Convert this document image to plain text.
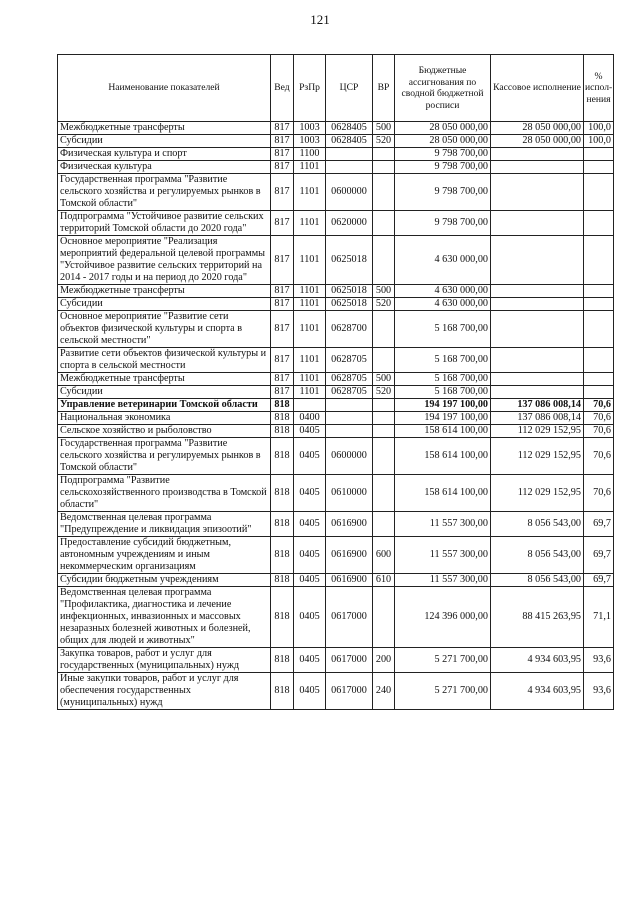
121
Наименование показателей	Вед	РзПр	ЦСР	ВР	Бюджетные ассигнования по сводной бюджетной росписи	Кассовое исполнение	% испол-нения
Межбюджетные трансферты	817	1003	0628405	500	28 050 000,00	28 050 000,00	100,0
Субсидии	817	1003	0628405	520	28 050 000,00	28 050 000,00	100,0
Физическая культура и спорт	817	1100			9 798 700,00		
Физическая культура	817	1101			9 798 700,00		
Государственная программа "Развитие сельского хозяйства и регулируемых рынков в Томской области"	817	1101	0600000		9 798 700,00		
Подпрограмма "Устойчивое развитие сельских территорий Томской области до 2020 года"	817	1101	0620000		9 798 700,00		
Основное мероприятие "Реализация мероприятий федеральной целевой программы "Устойчивое развитие сельских территорий на 2014 - 2017 годы и на период до 2020 года"	817	1101	0625018		4 630 000,00		
Межбюджетные трансферты	817	1101	0625018	500	4 630 000,00		
Субсидии	817	1101	0625018	520	4 630 000,00		
Основное мероприятие "Развитие сети объектов физической культуры и спорта в сельской местности"	817	1101	0628700		5 168 700,00		
Развитие сети объектов физической культуры и спорта в сельской местности	817	1101	0628705		5 168 700,00		
Межбюджетные трансферты	817	1101	0628705	500	5 168 700,00		
Субсидии	817	1101	0628705	520	5 168 700,00		
Управление ветеринарии Томской области	818				194 197 100,00	137 086 008,14	70,6
Национальная экономика	818	0400			194 197 100,00	137 086 008,14	70,6
Сельское хозяйство и рыболовство	818	0405			158 614 100,00	112 029 152,95	70,6
Государственная программа "Развитие сельского хозяйства и регулируемых рынков в Томской области"	818	0405	0600000		158 614 100,00	112 029 152,95	70,6
Подпрограмма "Развитие сельскохозяйственного производства в Томской области"	818	0405	0610000		158 614 100,00	112 029 152,95	70,6
Ведомственная целевая программа "Предупреждение и ликвидация эпизоотий"	818	0405	0616900		11 557 300,00	8 056 543,00	69,7
Предоставление субсидий бюджетным, автономным учреждениям и иным некоммерческим организациям	818	0405	0616900	600	11 557 300,00	8 056 543,00	69,7
Субсидии бюджетным учреждениям	818	0405	0616900	610	11 557 300,00	8 056 543,00	69,7
Ведомственная целевая программа "Профилактика, диагностика и лечение инфекционных, инвазионных и массовых незаразных болезней животных и болезней, общих для людей и животных"	818	0405	0617000		124 396 000,00	88 415 263,95	71,1
Закупка товаров, работ и услуг для государственных (муниципальных) нужд	818	0405	0617000	200	5 271 700,00	4 934 603,95	93,6
Иные закупки товаров, работ и услуг для обеспечения государственных (муниципальных) нужд	818	0405	0617000	240	5 271 700,00	4 934 603,95	93,6
